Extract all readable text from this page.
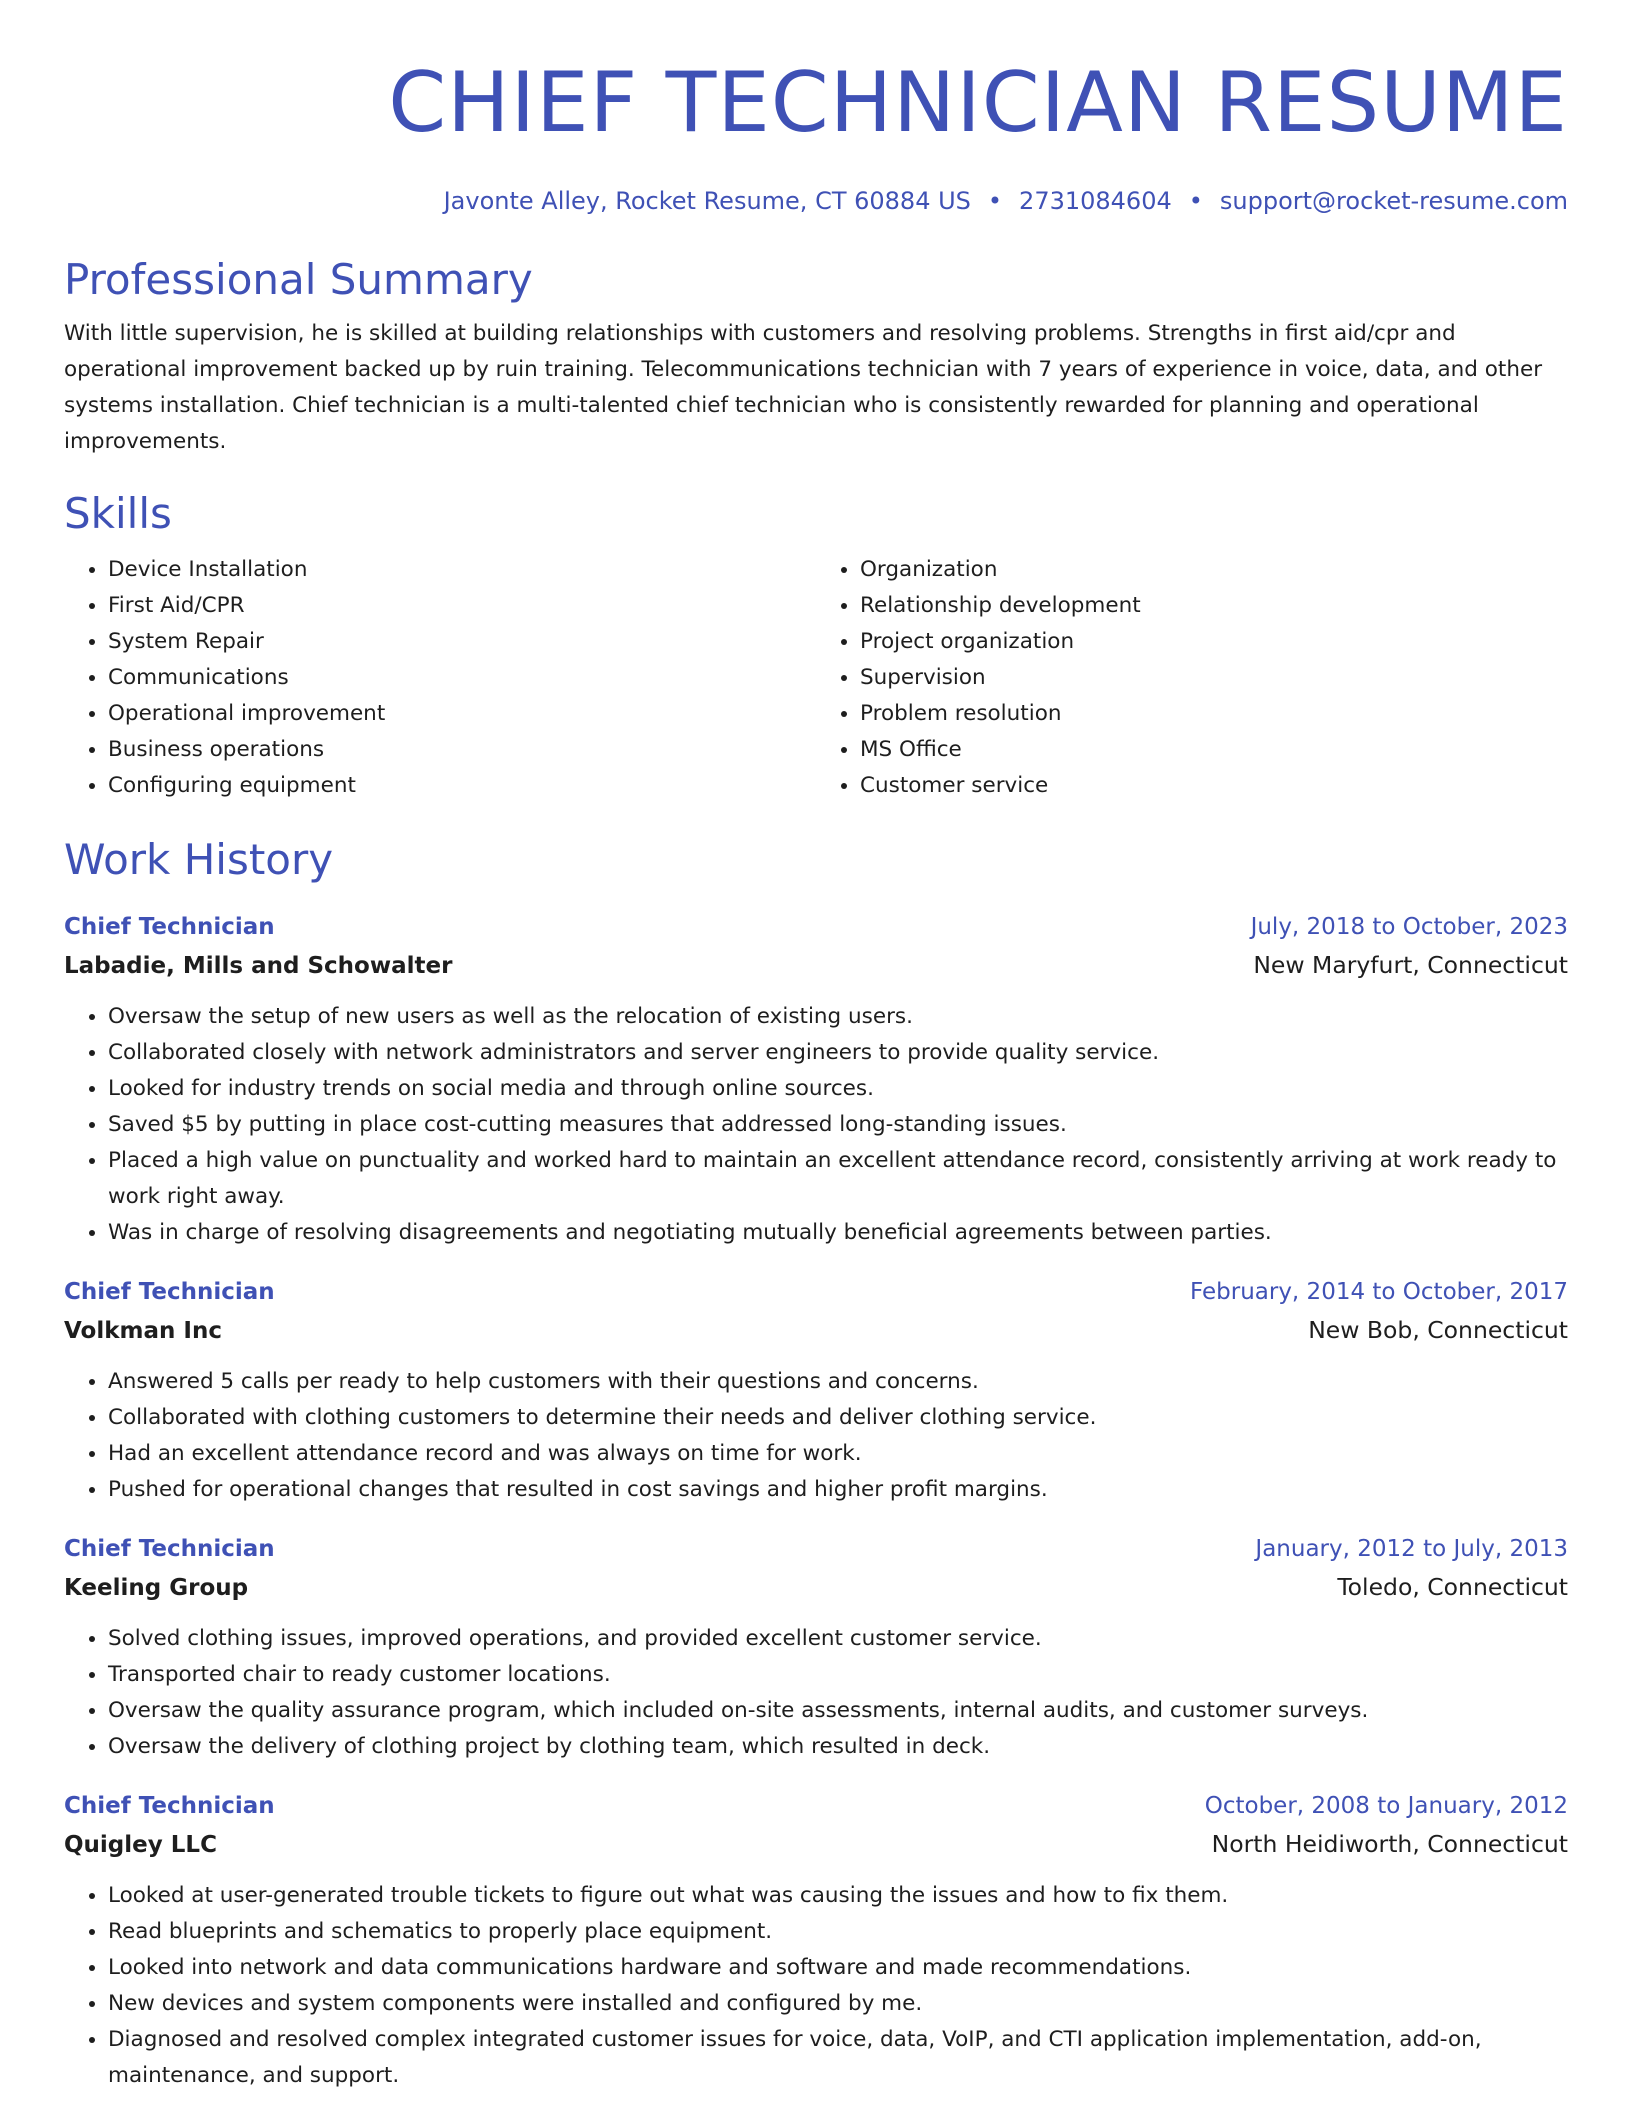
CHIEF TECHNICIAN RESUME
Javonte Alley, Rocket Resume, CT 60884 US • 2731084604 • support@rocket-resume.com
Professional Summary
With little supervision, he is skilled at building relationships with customers and resolving problems. Strengths in first aid/cpr and operational improvement backed up by ruin training. Telecommunications technician with 7 years of experience in voice, data, and other systems installation. Chief technician is a multi-talented chief technician who is consistently rewarded for planning and operational improvements.
Skills
• Device Installation
• First Aid/CPR
• System Repair
• Communications
• Operational improvement
• Business operations
• Configuring equipment
• Organization
• Relationship development
• Project organization
• Supervision
• Problem resolution
• MS Office
• Customer service
Work History
Chief Technician	July, 2018 to October, 2023
Labadie, Mills and Schowalter	New Maryfurt, Connecticut
• Oversaw the setup of new users as well as the relocation of existing users.
• Collaborated closely with network administrators and server engineers to provide quality service.
• Looked for industry trends on social media and through online sources.
• Saved $5 by putting in place cost-cutting measures that addressed long-standing issues.
• Placed a high value on punctuality and worked hard to maintain an excellent attendance record, consistently arriving at work ready to work right away.
• Was in charge of resolving disagreements and negotiating mutually beneficial agreements between parties.
Chief Technician	February, 2014 to October, 2017
Volkman Inc	New Bob, Connecticut
• Answered 5 calls per ready to help customers with their questions and concerns.
• Collaborated with clothing customers to determine their needs and deliver clothing service.
• Had an excellent attendance record and was always on time for work.
• Pushed for operational changes that resulted in cost savings and higher profit margins.
Chief Technician	January, 2012 to July, 2013
Keeling Group	Toledo, Connecticut
• Solved clothing issues, improved operations, and provided excellent customer service.
• Transported chair to ready customer locations.
• Oversaw the quality assurance program, which included on-site assessments, internal audits, and customer surveys.
• Oversaw the delivery of clothing project by clothing team, which resulted in deck.
Chief Technician	October, 2008 to January, 2012
Quigley LLC	North Heidiworth, Connecticut
• Looked at user-generated trouble tickets to figure out what was causing the issues and how to fix them.
• Read blueprints and schematics to properly place equipment.
• Looked into network and data communications hardware and software and made recommendations.
• New devices and system components were installed and configured by me.
• Diagnosed and resolved complex integrated customer issues for voice, data, VoIP, and CTI application implementation, add-on, maintenance, and support.
